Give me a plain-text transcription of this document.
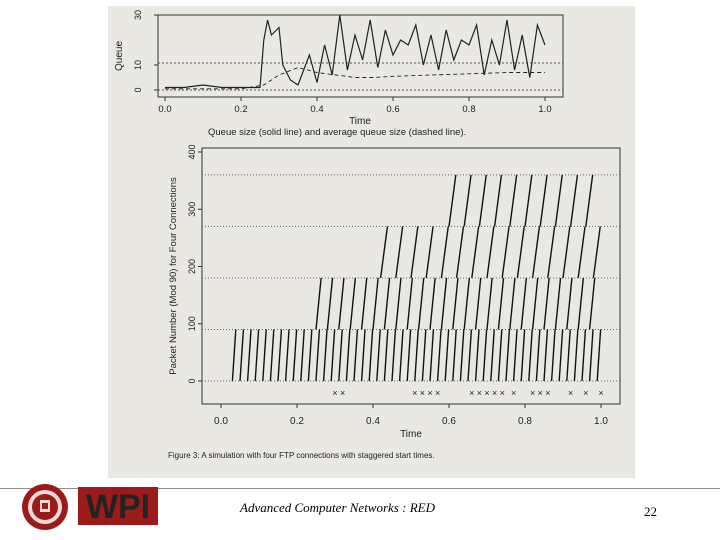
0.0	0.2	0.4	0.6	0.8	1.0
0
10
30
Time
Queue
Queue size (solid line) and average queue size (dashed line).
× ×	× × × ×	× × × × × × × × × × × ×
0.0	0.2	0.4	0.6	0.8	1.0
0
100
200
300
400
Time
Packet Number (Mod 90) for Four Connections
Figure 3: A simulation with four FTP connections with staggered start times.
WPI	Advanced Computer Networks : RED	22
